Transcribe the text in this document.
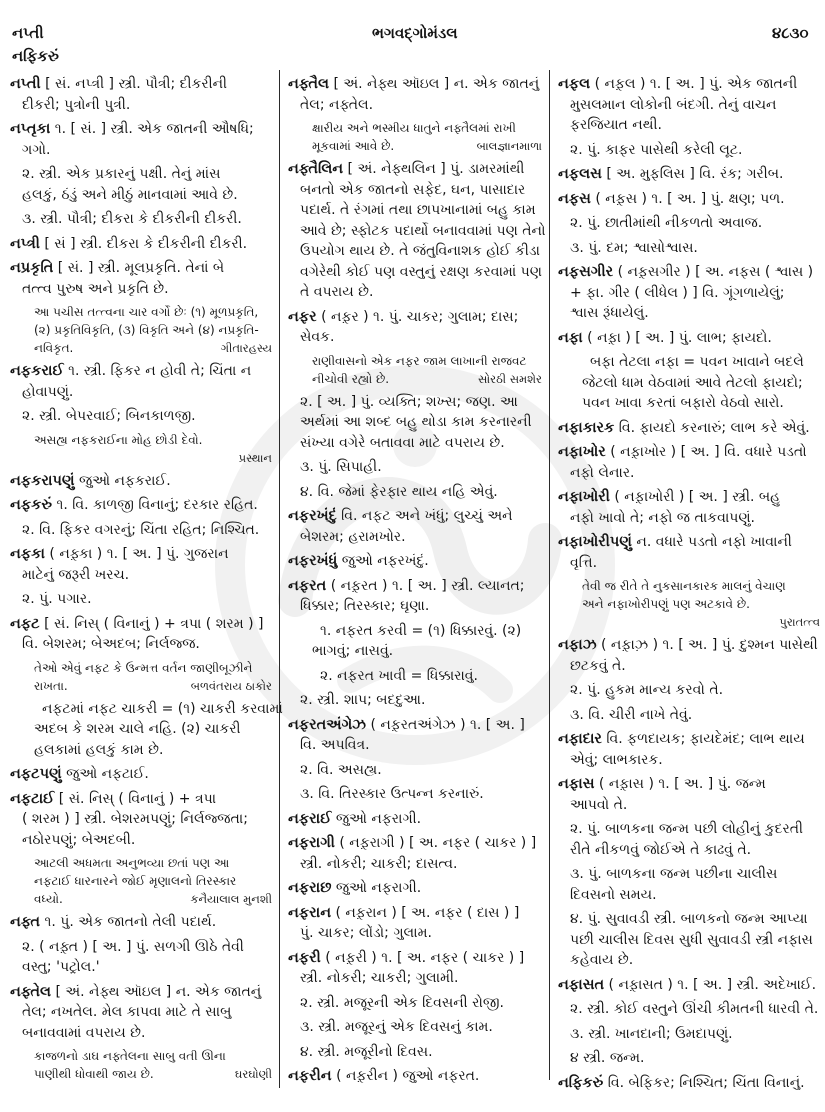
નપ્તી
નફિકરું
ભગવદ્ગોમંડલ	૪૮૩૦
નપ્તી [ સં. નપ્ત્રી ] સ્ત્રી. પૌત્રી; દીકરીની
દીકરી; પુત્રોની પુત્રી.
નપ્તૃકા ૧. [ સં. ] સ્ત્રી. એક જાતની ઔષધિ;
ગગો.
૨. સ્ત્રી. એક પ્રકારનું પક્ષી. તેનું માંસ
હલકું, ઠંડું અને મીઠું માનવામાં આવે છે.
૩. સ્ત્રી. પૌત્રી; દીકરા કે દીકરીની દીકરી.
નપ્ત્રી [ સં ] સ્ત્રી. દીકરા કે દીકરીની દીકરી.
નપ્રકૃતિ [ સં. ] સ્ત્રી. મૂલપ્રકૃતિ. તેનાં બે
તત્ત્વ પુરુષ અને પ્રકૃતિ છે.
આ પચીસ તત્ત્વના ચાર વર્ગો છેઃ (૧) મૂળપ્રકૃતિ,
(૨) પ્રકૃતિવિકૃતિ, (૩) વિકૃતિ અને (૪) નપ્રકૃતિ-
નવિકૃત.	ગીતારહસ્ય
નફકરાઈ ૧. સ્ત્રી. ફિકર ન હોવી તે; ચિંતા ન
હોવાપણું.
૨. સ્ત્રી. બેપરવાઈ; બિનકાળજી.
અસહ્ય નફકરાઈના મોહ છોડી દેવો.
પ્રસ્થાન
નફકરાપણું જુઓ નફકરાઈ.
નફકરું ૧. વિ. કાળજી વિનાનું; દરકાર રહિત.
૨. વિ. ફિકર વગરનું; ચિંતા રહિત; નિશ્ચિત.
નફકા ( નફ઼્કા ) ૧. [ અ. ] પું. ગુજરાન
માટેનું જરૂરી ખરચ.
૨. પું. પગાર.
નફટ [ સં. નિસ્ ( વિનાનું ) + ત્રપા ( શરમ ) ]
વિ. બેશરમ; બેઅદબ; નિર્લજ્જ.
તેઓ એવું નફટ કે ઉન્મત્ત વર્તન જાણીબૂઝીને
રાખતા.	બળવંતરાય ઠાકોર
નફટમાં નફટ ચાકરી = (૧) ચાકરી કરવામાં
અદબ કે શરમ ચાલે નહિ. (૨) ચાકરી
હલકામાં હલકું કામ છે.
નફટપણું જુઓ નફટાઈ.
નફટાઈ [ સં. નિસ્ ( વિનાનું ) + ત્રપા
( શરમ ) ] સ્ત્રી. બેશરમપણું; નિર્લજ્જતા;
નઠોરપણું; બેઅદબી.
આટલી અધમતા અનુભવ્યા છતાં પણ આ
નફટાઈ ધારનારને જોઈ મૃણાલનો તિરસ્કાર
વધ્યો.	કનૈયાલાલ મુનશી
નફ્ત ૧. પું. એક જાતનો તેલી પદાર્થ.
૨. ( નફ઼્ત ) [ અ. ] પું. સળગી ઊઠે તેવી
વસ્તુ; 'પટ્રોલ.'
નફ્તેલ [ અં. નેફ્થ ઑઇલ ] ન. એક જાતનું
તેલ; નખતેલ. મેલ કાપવા માટે તે સાબુ
બનાવવામાં વપરાય છે.
કાજળનો ડાઘ નફ્તેલના સાબુ વતી ઊના
પાણીથી ધોવાથી જાય છે.	ઘરઘોણી
નફ્તૈલ [ અં. નેફ્થ ઑઇલ ] ન. એક જાતનું
તેલ; નફ્તેલ.
ક્ષારીય અને ભસ્મીય ધાતુને નફ્તૈલમાં રાખી
મૂકવામાં આવે છે.	બાલજ્ઞાનમાળા
નફ્તૈલિન [ અં. નેફ્થલિન ] પું. ડામરમાંથી
બનતો એક જાતનો સફેદ, ઘન, પાસાદાર
પદાર્થ. તે રંગમાં તથા છાપખાનામાં બહુ કામ
આવે છે; સ્ફોટક પદાર્થો બનાવવામાં પણ તેનો
ઉપયોગ થાય છે. તે જંતુવિનાશક હોઈ કીડા
વગેરેથી કોઈ પણ વસ્તુનું રક્ષણ કરવામાં પણ
તે વપરાય છે.
નફર ( નફ઼ર ) ૧. પું. ચાકર; ગુલામ; દાસ;
સેવક.
રાણીવાસનો એક નફર જામ લાખાની રાજવટ
નીચોવી રહ્યો છે.	સોરઠી સમશેર
૨. [ અ. ] પું. વ્યક્તિ; શખ્સ; જણ. આ
અર્થમાં આ શબ્દ બહુ થોડા કામ કરનારની
સંખ્યા વગેરે બતાવવા માટે વપરાય છે.
૩. પું. સિપાહી.
૪. વિ. જેમાં ફેરફાર થાય નહિ એવું.
નફરખંદું વિ. નફટ અને ખંધું; લુચ્ચું અને
બેશરમ; હરામખોર.
નફરખંધું જુઓ નફરખંદું.
નફરત ( નફ઼રત ) ૧. [ અ. ] સ્ત્રી. લ્યાનત;
ધિક્કાર; તિરસ્કાર; ઘૃણા.
૧. નફરત કરવી = (૧) ધિક્કારવું. (૨)
ભાગવું; નાસવું.
૨. નફરત ખાવી = ધિક્કારાવું.
૨. સ્ત્રી. શાપ; બદદુઆ.
નફરતઅંગેઝ ( નફ઼રતઅંગેઝ ) ૧. [ અ. ]
વિ. અપવિત્ર.
૨. વિ. અસહ્ય.
૩. વિ. તિરસ્કાર ઉત્પન્ન કરનારું.
નફરાઈ જુઓ નફરાગી.
નફરાગી ( નફ઼રાગી ) [ અ. નફર ( ચાકર ) ]
સ્ત્રી. નોકરી; ચાકરી; દાસત્વ.
નફરાછ જુઓ નફરાગી.
નફરાન ( નફ઼રાન ) [ અ. નફર ( દાસ ) ]
પું. ચાકર; લોંડો; ગુલામ.
નફરી ( નફ઼રી ) ૧. [ અ. નફર ( ચાકર ) ]
સ્ત્રી. નોકરી; ચાકરી; ગુલામી.
૨. સ્ત્રી. મજૂરની એક દિવસની રોજી.
૩. સ્ત્રી. મજૂરનું એક દિવસનું કામ.
૪. સ્ત્રી. મજૂરીનો દિવસ.
નફરીન ( નફ઼રીન ) જુઓ નફરત.
નફલ ( નફ઼લ ) ૧. [ અ. ] પું. એક જાતની
મુસલમાન લોકોની બંદગી. તેનું વાચન
ફરજિયાત નથી.
૨. પું. કાફર પાસેથી કરેલી લૂટ.
નફલસ [ અ. મુફલિસ ] વિ. રંક; ગરીબ.
નફસ ( નફ઼સ ) ૧. [ અ. ] પું. ક્ષણ; પળ.
૨. પું. છાતીમાંથી નીકળતો અવાજ.
૩. પું. દમ; શ્વાસોશ્વાસ.
નફસગીર ( નફ઼સગીર ) [ અ. નફસ ( શ્વાસ )
+ ફા. ગીર ( લીધેલ ) ] વિ. ગૂંગળાયેલું;
શ્વાસ રૂંધાયેલું.
નફા ( નફ઼ા ) [ અ. ] પું. લાભ; ફાયદો.
બફા તેટલા નફા = પવન ખાવાને બદલે
જેટલો ધામ વેઠવામાં આવે તેટલો ફાયદો;
પવન ખાવા કરતાં બફારો વેઠવો સારો.
નફાકારક વિ. ફાયદો કરનારું; લાભ કરે એવું.
નફાખોર ( નફ઼ાખોર ) [ અ. ] વિ. વધારે પડતો
નફો લેનાર.
નફાખોરી ( નફ઼ાખોરી ) [ અ. ] સ્ત્રી. બહુ
નફો ખાવો તે; નફો જ તાકવાપણું.
નફાખોરીપણું ન. વધારે પડતો નફો ખાવાની
વૃત્તિ.
તેવી જ રીતે તે નુકસાનકારક માલનું વેચાણ
અને નફાખોરીપણું પણ અટકાવે છે.
પુરાતત્ત્વ
નફાઝ ( નફ઼ાઝ઼ ) ૧. [ અ. ] પું. દુશ્મન પાસેથી
છટકવું તે.
૨. પું. હુકમ માન્ય કરવો તે.
૩. વિ. ચીરી નાખે તેવું.
નફાદાર વિ. ફળદાયક; ફાયદેમંદ; લાભ થાય
એવું; લાભકારક.
નફાસ ( નફ઼ાસ ) ૧. [ અ. ] પું. જન્મ
આપવો તે.
૨. પું. બાળકના જન્મ પછી લોહીનું કુદરતી
રીતે નીકળવું જોઈએ તે કાઢવું તે.
૩. પું. બાળકના જન્મ પછીના ચાલીસ
દિવસનો સમય.
૪. પું. સુવાવડી સ્ત્રી. બાળકનો જન્મ આપ્યા
પછી ચાલીસ દિવસ સુધી સુવાવડી સ્ત્રી નફાસ
કહેવાય છે.
નફાસત ( નફ઼ાસત ) ૧. [ અ. ] સ્ત્રી. અદેખાઈ.
૨. સ્ત્રી. કોઈ વસ્તુને ઊંચી કીમતની ધારવી તે.
૩. સ્ત્રી. ખાનદાની; ઉમદાપણું.
૪ સ્ત્રી. જન્મ.
નફિકરું વિ. બેફિકર; નિશ્ચિત; ચિંતા વિનાનું.
